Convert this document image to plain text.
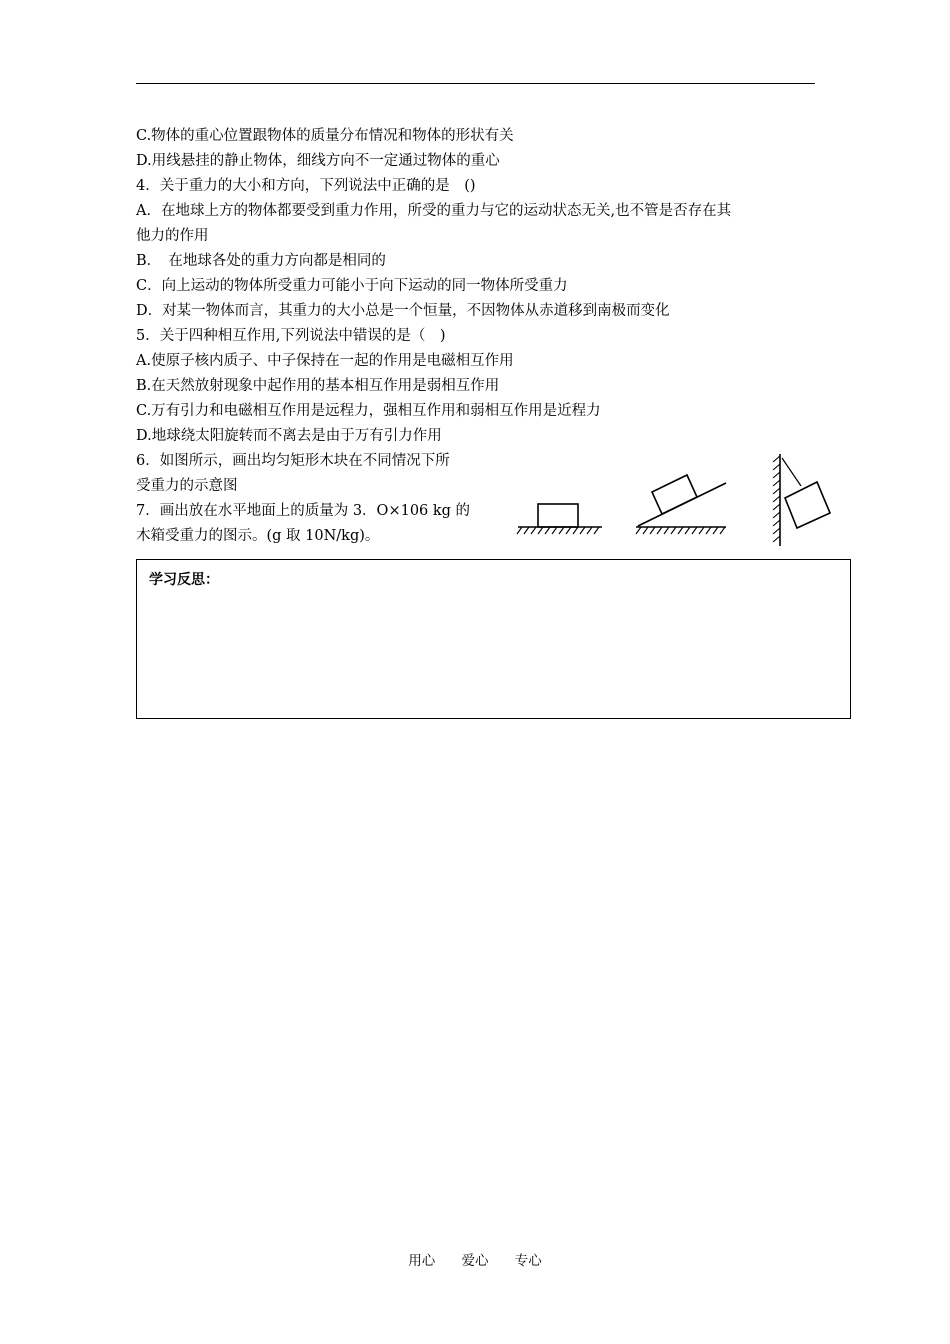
C.物体的重心位置跟物体的质量分布情况和物体的形状有关
D.用线悬挂的静止物体，细线方向不一定通过物体的重心
4．关于重力的大小和方向，下列说法中正确的是　()
A．在地球上方的物体都要受到重力作用，所受的重力与它的运动状态无关,也不管是否存在其
他力的作用
B．　在地球各处的重力方向都是相同的
C．向上运动的物体所受重力可能小于向下运动的同一物体所受重力
D．对某一物体而言，其重力的大小总是一个恒量，不因物体从赤道移到南极而变化
5．关于四种相互作用,下列说法中错误的是（　)
A.使原子核内质子、中子保持在一起的作用是电磁相互作用
B.在天然放射现象中起作用的基本相互作用是弱相互作用
C.万有引力和电磁相互作用是远程力，强相互作用和弱相互作用是近程力
D.地球绕太阳旋转而不离去是由于万有引力作用
6．如图所示，画出均匀矩形木块在不同情况下所
受重力的示意图
7．画出放在水平地面上的质量为 3．O×106 kg 的
木箱受重力的图示。(g 取 10N/kg)。
学习反思：
用心 爱心 专心
